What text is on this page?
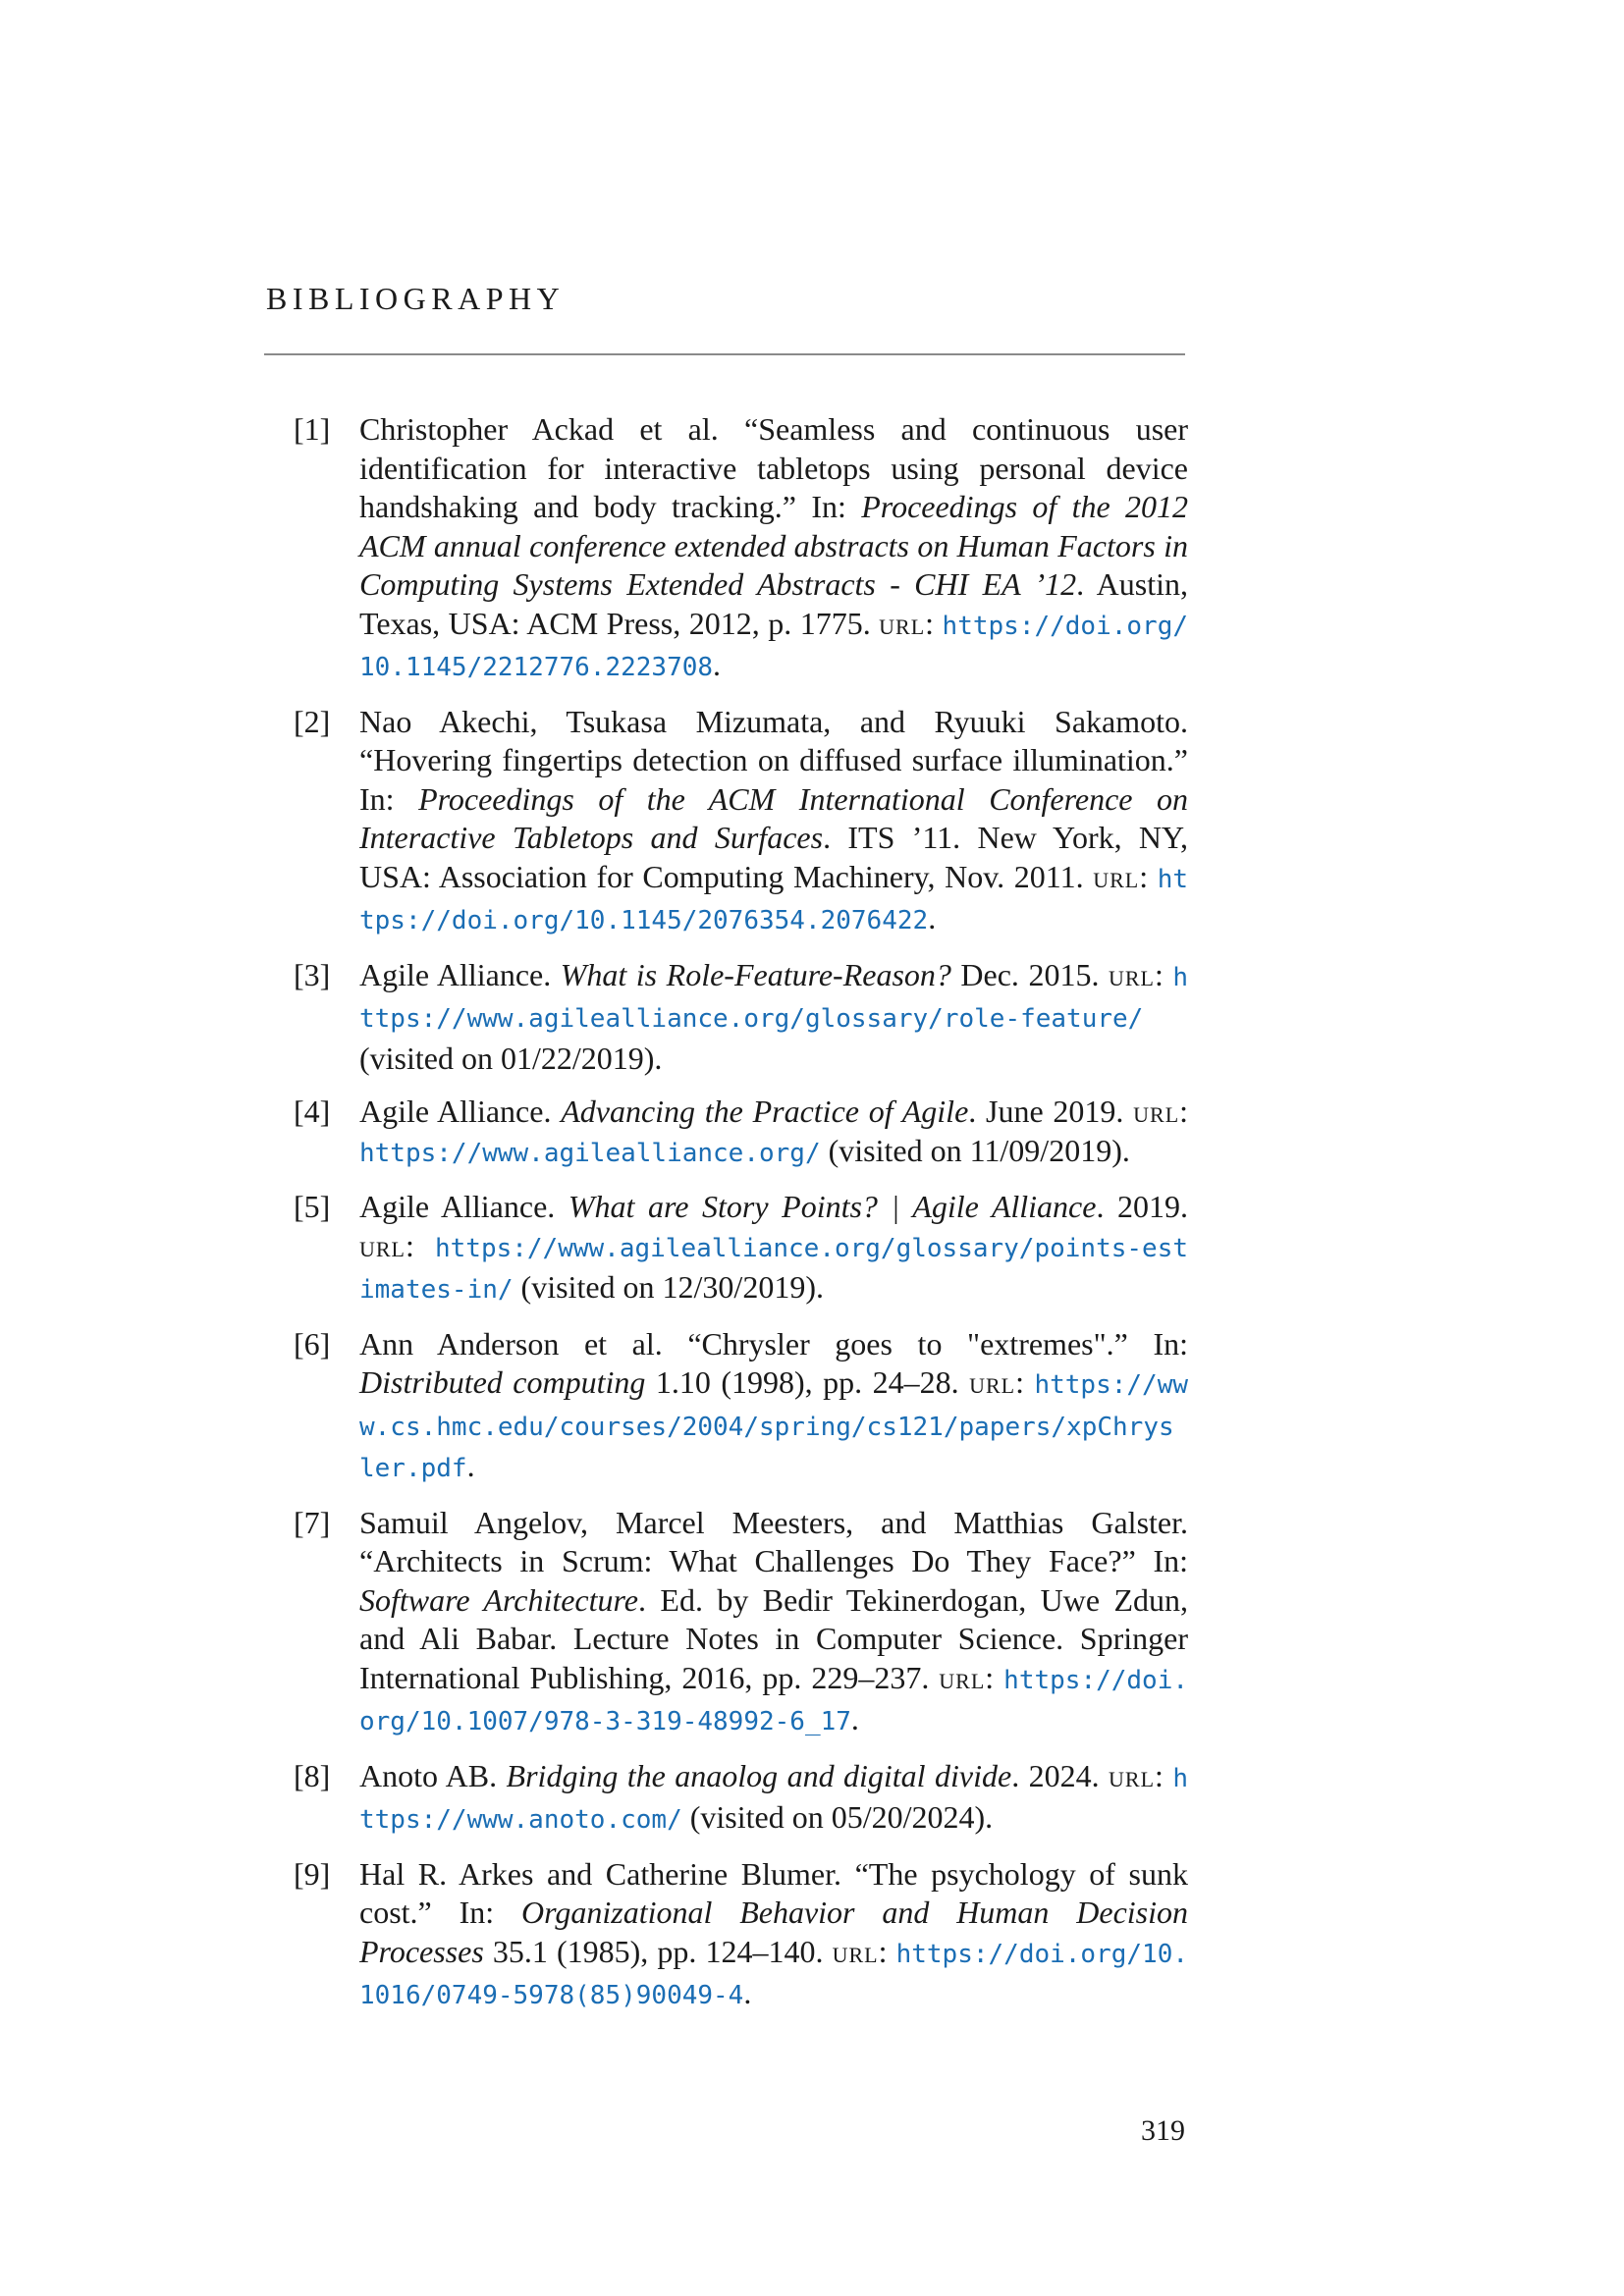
BIBLIOGRAPHY
[1] Christopher Ackad et al. “Seamless and continuous user identification for interactive tabletops using personal device handshaking and body tracking.” In: Proceedings of the 2012 ACM annual conference extended abstracts on Human Factors in Computing Systems Extended Abstracts - CHI EA ’12. Austin, Texas, USA: ACM Press, 2012, p. 1775. url: https://doi.org/10.1145/2212776.2223708.
[2] Nao Akechi, Tsukasa Mizumata, and Ryuuki Sakamoto. “Hovering fingertips detection on diffused surface illumination.” In: Proceedings of the ACM International Conference on Interactive Tabletops and Surfaces. ITS ’11. New York, NY, USA: Association for Computing Machinery, Nov. 2011. url: https://doi.org/10.1145/2076354.2076422.
[3] Agile Alliance. What is Role-Feature-Reason? Dec. 2015. url: https://www.agilealliance.org/glossary/role-feature/ (visited on 01/22/2019).
[4] Agile Alliance. Advancing the Practice of Agile. June 2019. url: https://www.agilealliance.org/ (visited on 11/09/2019).
[5] Agile Alliance. What are Story Points? | Agile Alliance. 2019. url: https://www.agilealliance.org/glossary/points-estimates-in/ (visited on 12/30/2019).
[6] Ann Anderson et al. “Chrysler goes to "extremes".” In: Distributed computing 1.10 (1998), pp. 24–28. url: https://www.cs.hmc.edu/courses/2004/spring/cs121/papers/xpChrysler.pdf.
[7] Samuil Angelov, Marcel Meesters, and Matthias Galster. “Architects in Scrum: What Challenges Do They Face?” In: Software Architecture. Ed. by Bedir Tekinerdogan, Uwe Zdun, and Ali Babar. Lecture Notes in Computer Science. Springer International Publishing, 2016, pp. 229–237. url: https://doi.org/10.1007/978-3-319-48992-6_17.
[8] Anoto AB. Bridging the anaolog and digital divide. 2024. url: https://www.anoto.com/ (visited on 05/20/2024).
[9] Hal R. Arkes and Catherine Blumer. “The psychology of sunk cost.” In: Organizational Behavior and Human Decision Processes 35.1 (1985), pp. 124–140. url: https://doi.org/10.1016/0749-5978(85)90049-4.

319
